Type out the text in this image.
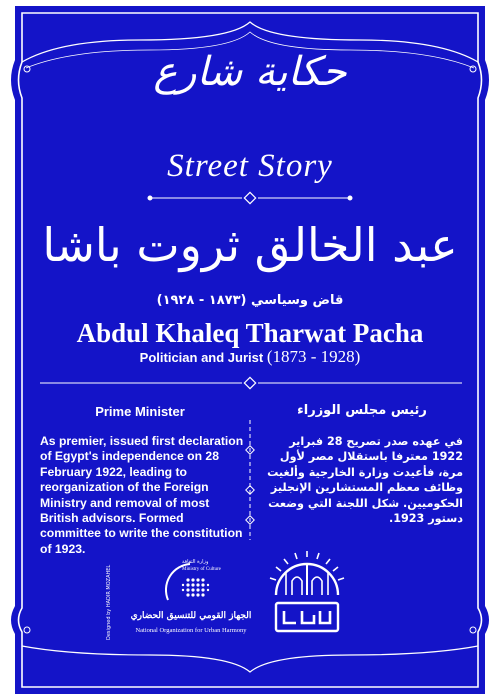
Designed by HADIR MOZAHEL
حكاية شارع
Street Story
عبد الخالق ثروت باشا
قاض وسياسي (١٨٧٣ - ١٩٢٨)
Abdul Khaleq Tharwat Pacha
Politician and Jurist (1873 - 1928)
Prime Minister	رئيس مجلس الوزراء
As premier, issued first declaration of Egypt's independence on 28 February 1922, leading to reorganization of the Foreign Ministry and removal of most British advisors. Formed committee to write the constitution of 1923.
في عهده صدر تصريح 28 فبراير 1922 معترفا باستقلال مصر لأول مرة، فأعيدت وزارة الخارجية وألغيت وظائف معظم المستشارين الإنجليز الحكوميين. شكل اللجنة التي وضعت دستور 1923.
وزارة الثقافة
Ministry of Culture
الجهاز القومي للتنسيق الحضاري
National Organization for Urban Harmony
